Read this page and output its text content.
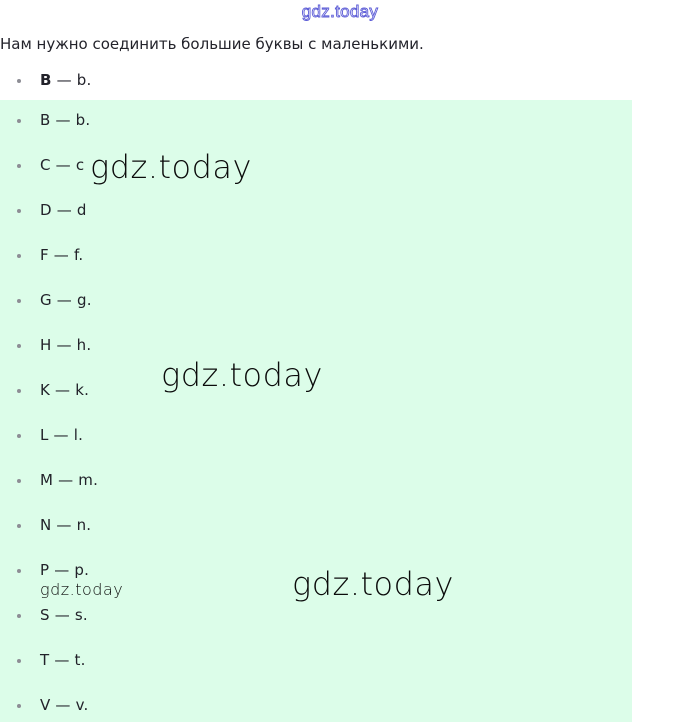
gdz.today
Нам нужно соединить большие буквы с маленькими.
B — b.
B — b.
C — c
D — d
F — f.
G — g.
H — h.
K — k.
L — l.
M — m.
N — n.
P — p.
S — s.
T — t.
V — v.
gdz.today
gdz.today
gdz.today
gdz.today
